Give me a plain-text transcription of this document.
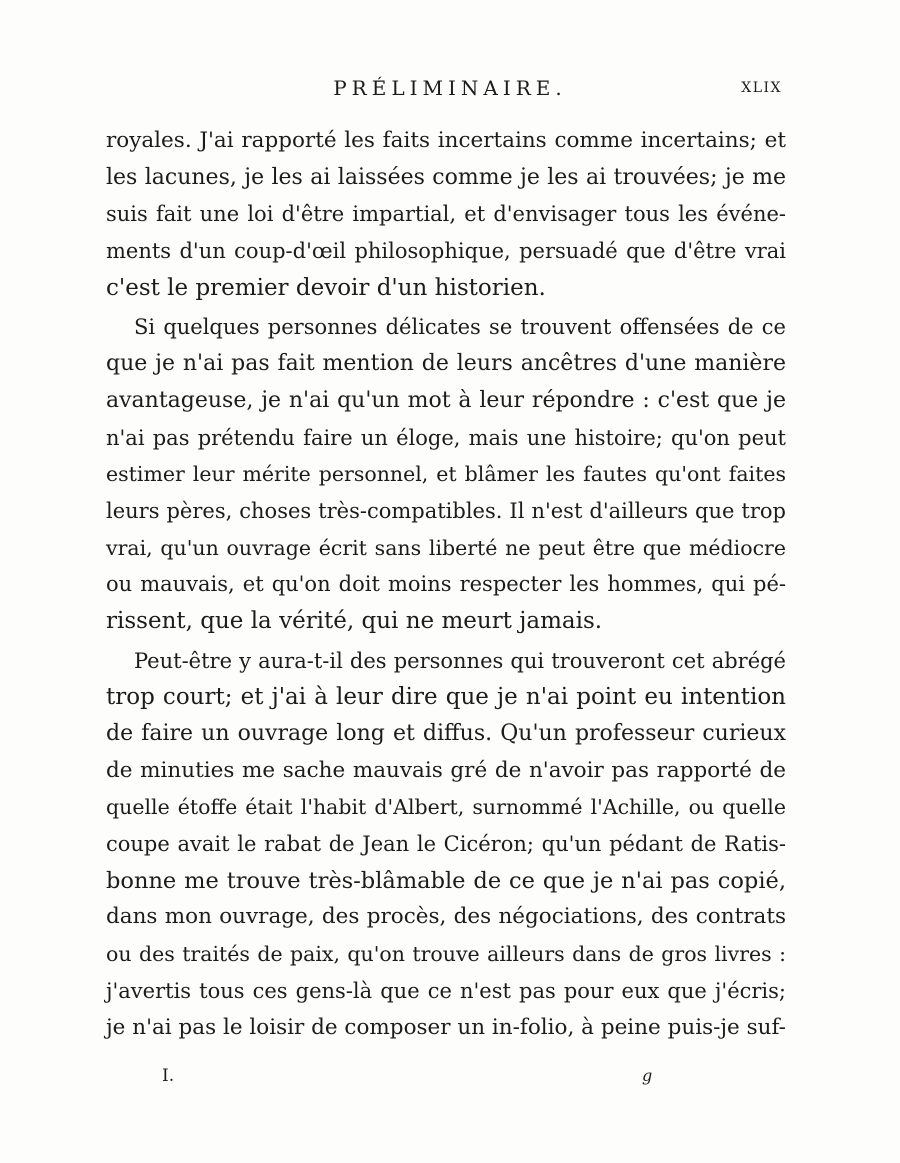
PRÉLIMINAIRE.	XLIX
royales. J'ai rapporté les faits incertains comme incertains; et
les lacunes, je les ai laissées comme je les ai trouvées; je me
suis fait une loi d'être impartial, et d'envisager tous les événe-
ments d'un coup-d'œil philosophique, persuadé que d'être vrai
c'est le premier devoir d'un historien.
Si quelques personnes délicates se trouvent offensées de ce
que je n'ai pas fait mention de leurs ancêtres d'une manière
avantageuse, je n'ai qu'un mot à leur répondre : c'est que je
n'ai pas prétendu faire un éloge, mais une histoire; qu'on peut
estimer leur mérite personnel, et blâmer les fautes qu'ont faites
leurs pères, choses très-compatibles. Il n'est d'ailleurs que trop
vrai, qu'un ouvrage écrit sans liberté ne peut être que médiocre
ou mauvais, et qu'on doit moins respecter les hommes, qui pé-
rissent, que la vérité, qui ne meurt jamais.
Peut-être y aura-t-il des personnes qui trouveront cet abrégé
trop court; et j'ai à leur dire que je n'ai point eu intention
de faire un ouvrage long et diffus. Qu'un professeur curieux
de minuties me sache mauvais gré de n'avoir pas rapporté de
quelle étoffe était l'habit d'Albert, surnommé l'Achille, ou quelle
coupe avait le rabat de Jean le Cicéron; qu'un pédant de Ratis-
bonne me trouve très-blâmable de ce que je n'ai pas copié,
dans mon ouvrage, des procès, des négociations, des contrats
ou des traités de paix, qu'on trouve ailleurs dans de gros livres :
j'avertis tous ces gens-là que ce n'est pas pour eux que j'écris;
je n'ai pas le loisir de composer un in-folio, à peine puis-je suf-
I.	g
